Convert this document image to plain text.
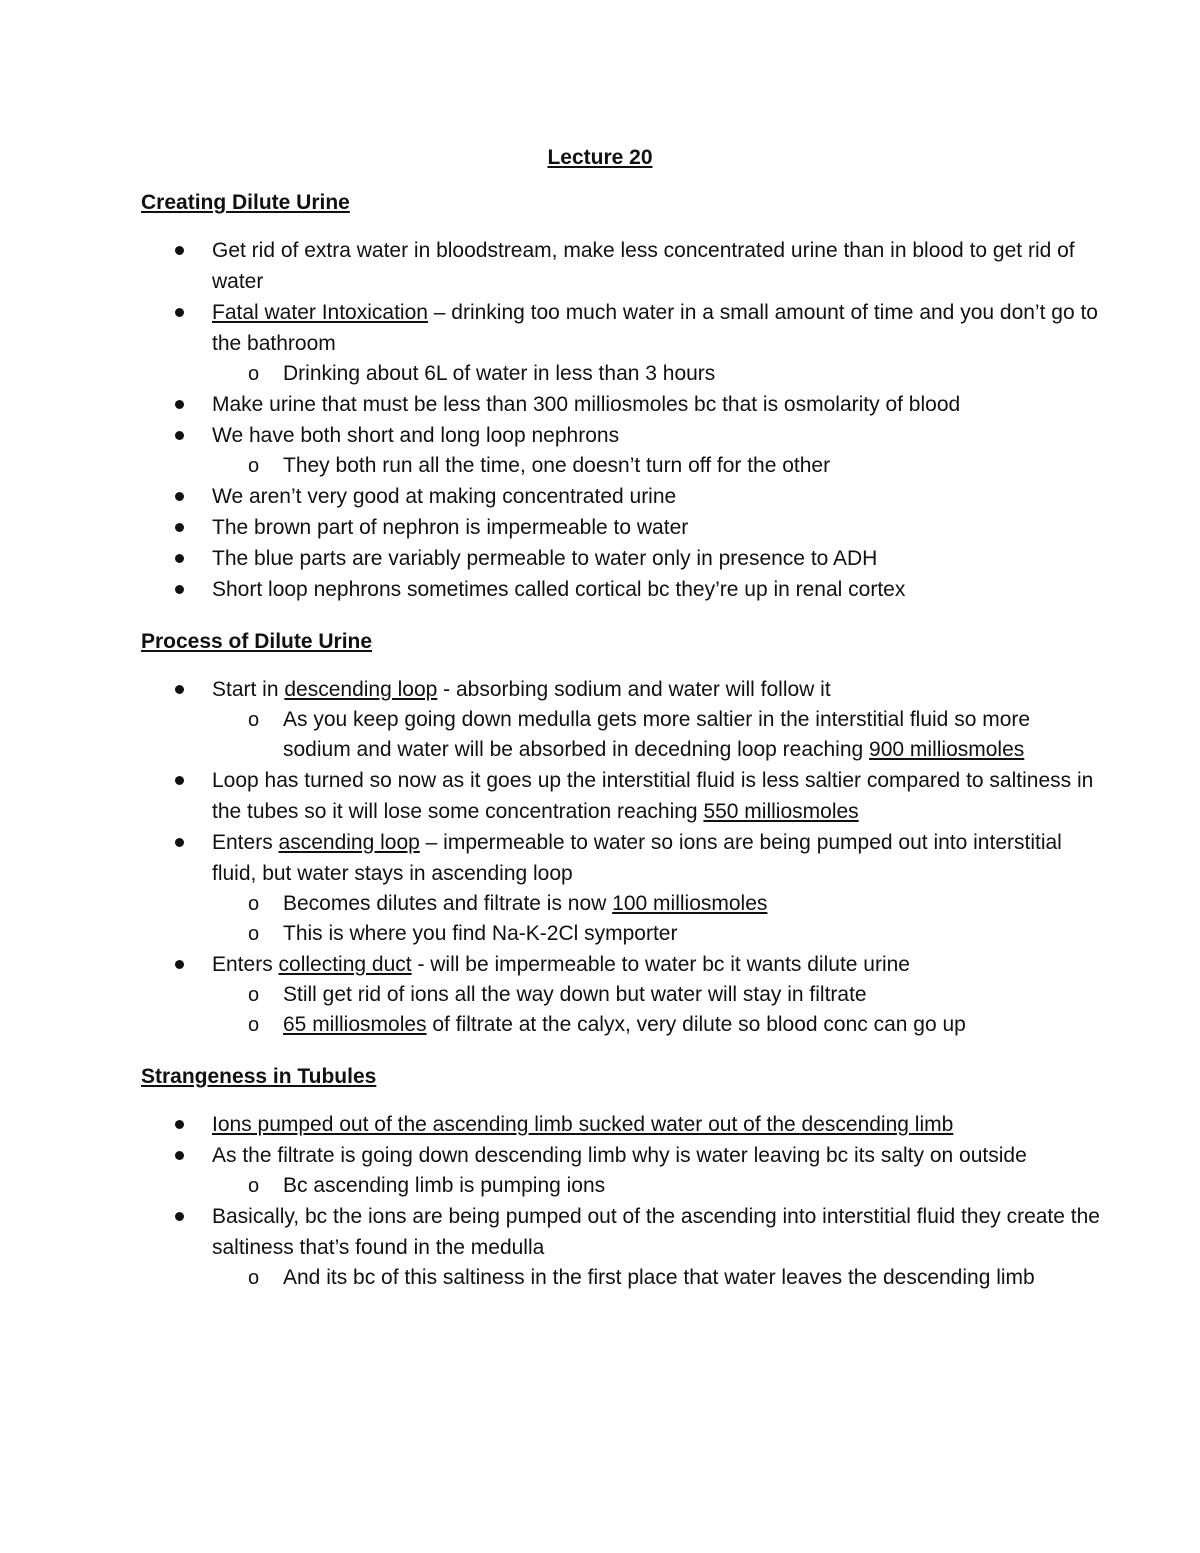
Lecture 20

Creating Dilute Urine

Get rid of extra water in bloodstream, make less concentrated urine than in blood to get rid of water
Fatal water Intoxication – drinking too much water in a small amount of time and you don’t go to the bathroom
o Drinking about 6L of water in less than 3 hours
Make urine that must be less than 300 milliosmoles bc that is osmolarity of blood
We have both short and long loop nephrons
o They both run all the time, one doesn’t turn off for the other
We aren’t very good at making concentrated urine
The brown part of nephron is impermeable to water
The blue parts are variably permeable to water only in presence to ADH
Short loop nephrons sometimes called cortical bc they’re up in renal cortex

Process of Dilute Urine

Start in descending loop - absorbing sodium and water will follow it
o As you keep going down medulla gets more saltier in the interstitial fluid so more sodium and water will be absorbed in decedning loop reaching 900 milliosmoles
Loop has turned so now as it goes up the interstitial fluid is less saltier compared to saltiness in the tubes so it will lose some concentration reaching 550 milliosmoles
Enters ascending loop – impermeable to water so ions are being pumped out into interstitial fluid, but water stays in ascending loop
o Becomes dilutes and filtrate is now 100 milliosmoles
o This is where you find Na-K-2Cl symporter
Enters collecting duct - will be impermeable to water bc it wants dilute urine
o Still get rid of ions all the way down but water will stay in filtrate
o 65 milliosmoles of filtrate at the calyx, very dilute so blood conc can go up

Strangeness in Tubules

Ions pumped out of the ascending limb sucked water out of the descending limb
As the filtrate is going down descending limb why is water leaving bc its salty on outside
o Bc ascending limb is pumping ions
Basically, bc the ions are being pumped out of the ascending into interstitial fluid they create the saltiness that’s found in the medulla
o And its bc of this saltiness in the first place that water leaves the descending limb
